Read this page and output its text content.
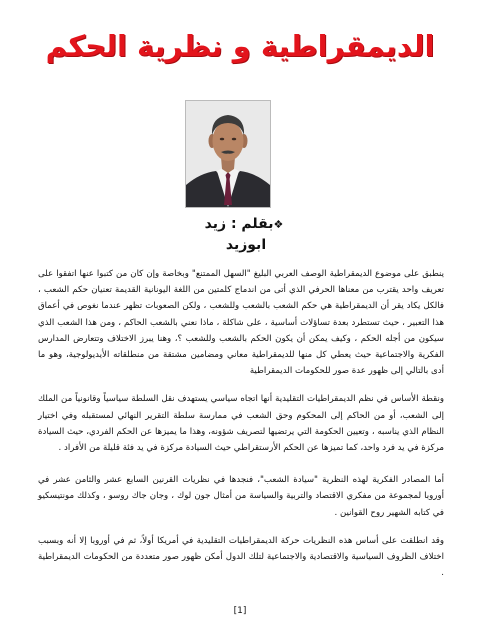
الديمقراطية و نظرية الحكم
❖بقلم : زيد ابوزيد

ينطبق على موضوع الديمقراطية الوصف العربي البليغ "السهل الممتنع" وبخاصة وإن كان من كتبوا عنها اتفقوا على تعريف واحد يقترب من معناها الحرفي الذي أتى من اندماج كلمتين من اللغة اليونانية القديمة تعنيان حكم الشعب ، فالكل يكاد يقر أن الديمقراطية هي حكم الشعب بالشعب وللشعب ، ولكن الصعوبات تظهر عندما نغوص في أعماق هذا التعبير ، حيث تستطرد بعدة تساؤلات أساسية ، على شاكلة ، ماذا نعني بالشعب الحاكم ، ومن هذا الشعب الذي سيكون من أجله الحكم ، وكيف يمكن أن يكون الحكم بالشعب وللشعب ؟، وهنا يبرز الاختلاف وتتعارض المدارس الفكرية والاجتماعية حيث يعطي كل منها للديمقراطية معاني ومضامين مشتقة من منطلقاته الأيديولوجية، وهو ما أدى بالتالي إلى ظهور عدة صور للحكومات الديمقراطية

ونقطة الأساس في نظم الديمقراطيات التقليدية أنها اتجاه سياسي يستهدف نقل السلطة سياسياً وقانونياً من الملك إلى الشعب، أو من الحاكم إلى المحكوم وحق الشعب في ممارسة سلطة التقرير النهائي لمستقبله وفي اختيار النظام الذي يناسبه ، وتعيين الحكومة التي يرتضيها لتصريف شؤونه، وهذا ما يميزها عن الحكم الفردي، حيث السيادة مركزة في يد فرد واحد، كما تميزها عن الحكم الأرستقراطي حيث السيادة مركزة في يد فئة قليلة من الأفراد .

أما المصادر الفكرية لهذه النظرية "سيادة الشعب"، فنجدها في نظريات القرنين السابع عشر والثامن عشر في أوروبا لمجموعة من مفكري الاقتصاد والتربية والسياسة من أمثال جون لوك ، وجان جاك روسو ، وكذلك مونتيسكيو في كتابه الشهير روح القوانين .

وقد انطلقت على أساس هذه النظريات حركة الديمقراطيات التقليدية في أمريكا أولاً، ثم في أوروبا إلا أنه وبسبب اختلاف الظروف السياسية والاقتصادية والاجتماعية لتلك الدول أمكن ظهور صور متعددة من الحكومات الديمقراطية .

[1]
